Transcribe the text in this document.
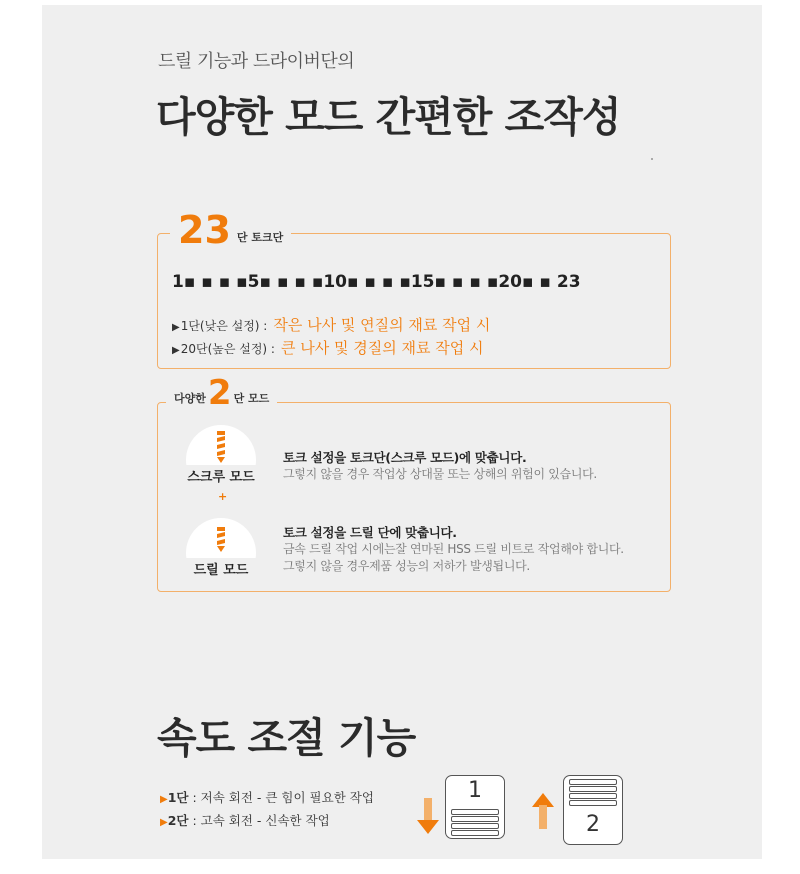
드릴 기능과 드라이버단의
다양한 모드 간편한 조작성
23 단 토크단
1▪ ▪ ▪ ▪5▪ ▪ ▪ ▪10▪ ▪ ▪ ▪15▪ ▪ ▪ ▪20▪ ▪ 23
▶ 1단(낮은 설정) : 작은 나사 및 연질의 재료 작업 시
▶ 20단(높은 설정) : 큰 나사 및 경질의 재료 작업 시
다양한 2 단 모드
스크루 모드
+
토크 설정을 토크단(스크루 모드)에 맞춥니다.
그렇지 않을 경우 작업상 상대물 또는 상해의 위험이 있습니다.
드릴 모드
토크 설정을 드릴 단에 맞춥니다.
금속 드릴 작업 시에는잘 연마된 HSS 드릴 비트로 작업해야 합니다.
그렇지 않을 경우제품 성능의 저하가 발생됩니다.
속도 조절 기능
▶1단 : 저속 회전 - 큰 힘이 필요한 작업
▶2단 : 고속 회전 - 신속한 작업
1
2
